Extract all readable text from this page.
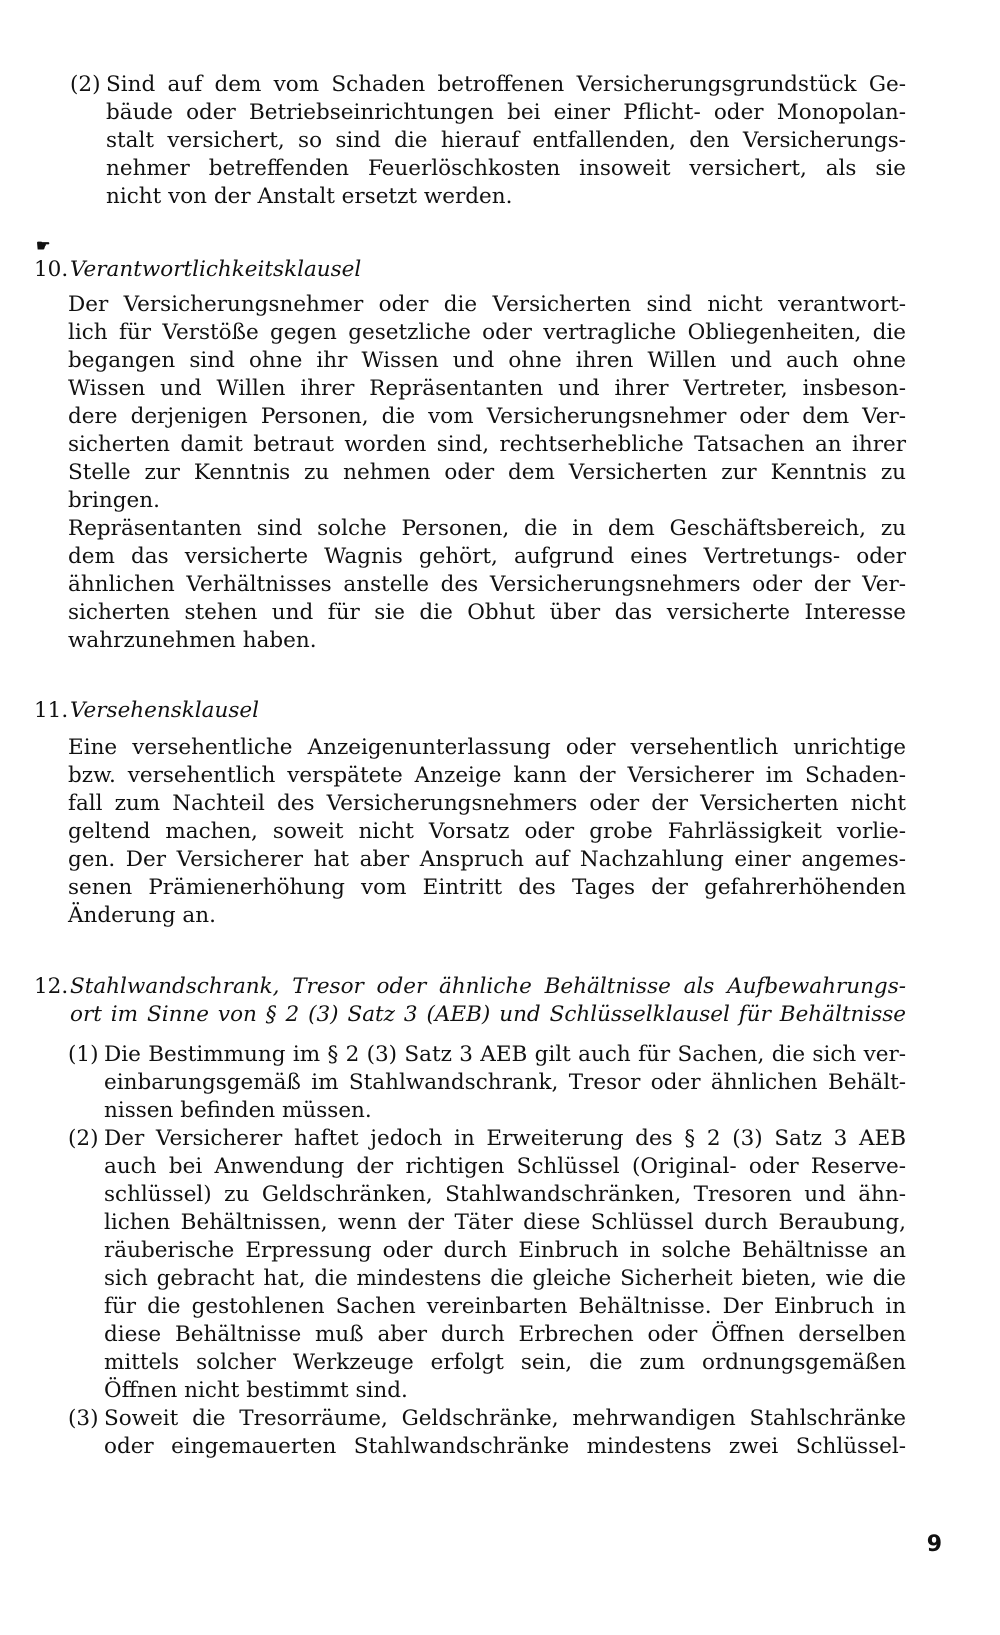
(2) Sind auf dem vom Schaden betroffenen Versicherungsgrundstück Ge-
bäude oder Betriebseinrichtungen bei einer Pflicht- oder Monopolan-
stalt versichert, so sind die hierauf entfallenden, den Versicherungs-
nehmer betreffenden Feuerlöschkosten insoweit versichert, als sie
nicht von der Anstalt ersetzt werden.
☛
10. Verantwortlichkeitsklausel
Der Versicherungsnehmer oder die Versicherten sind nicht verantwort-
lich für Verstöße gegen gesetzliche oder vertragliche Obliegenheiten, die
begangen sind ohne ihr Wissen und ohne ihren Willen und auch ohne
Wissen und Willen ihrer Repräsentanten und ihrer Vertreter, insbeson-
dere derjenigen Personen, die vom Versicherungsnehmer oder dem Ver-
sicherten damit betraut worden sind, rechtserhebliche Tatsachen an ihrer
Stelle zur Kenntnis zu nehmen oder dem Versicherten zur Kenntnis zu
bringen.
Repräsentanten sind solche Personen, die in dem Geschäftsbereich, zu
dem das versicherte Wagnis gehört, aufgrund eines Vertretungs- oder
ähnlichen Verhältnisses anstelle des Versicherungsnehmers oder der Ver-
sicherten stehen und für sie die Obhut über das versicherte Interesse
wahrzunehmen haben.
11. Versehensklausel
Eine versehentliche Anzeigenunterlassung oder versehentlich unrichtige
bzw. versehentlich verspätete Anzeige kann der Versicherer im Schaden-
fall zum Nachteil des Versicherungsnehmers oder der Versicherten nicht
geltend machen, soweit nicht Vorsatz oder grobe Fahrlässigkeit vorlie-
gen. Der Versicherer hat aber Anspruch auf Nachzahlung einer angemes-
senen Prämienerhöhung vom Eintritt des Tages der gefahrerhöhenden
Änderung an.
12. Stahlwandschrank, Tresor oder ähnliche Behältnisse als Aufbewahrungs-
ort im Sinne von § 2 (3) Satz 3 (AEB) und Schlüsselklausel für Behältnisse
(1) Die Bestimmung im § 2 (3) Satz 3 AEB gilt auch für Sachen, die sich ver-
einbarungsgemäß im Stahlwandschrank, Tresor oder ähnlichen Behält-
nissen befinden müssen.
(2) Der Versicherer haftet jedoch in Erweiterung des § 2 (3) Satz 3 AEB
auch bei Anwendung der richtigen Schlüssel (Original- oder Reserve-
schlüssel) zu Geldschränken, Stahlwandschränken, Tresoren und ähn-
lichen Behältnissen, wenn der Täter diese Schlüssel durch Beraubung,
räuberische Erpressung oder durch Einbruch in solche Behältnisse an
sich gebracht hat, die mindestens die gleiche Sicherheit bieten, wie die
für die gestohlenen Sachen vereinbarten Behältnisse. Der Einbruch in
diese Behältnisse muß aber durch Erbrechen oder Öffnen derselben
mittels solcher Werkzeuge erfolgt sein, die zum ordnungsgemäßen
Öffnen nicht bestimmt sind.
(3) Soweit die Tresorräume, Geldschränke, mehrwandigen Stahlschränke
oder eingemauerten Stahlwandschränke mindestens zwei Schlüssel-
9
